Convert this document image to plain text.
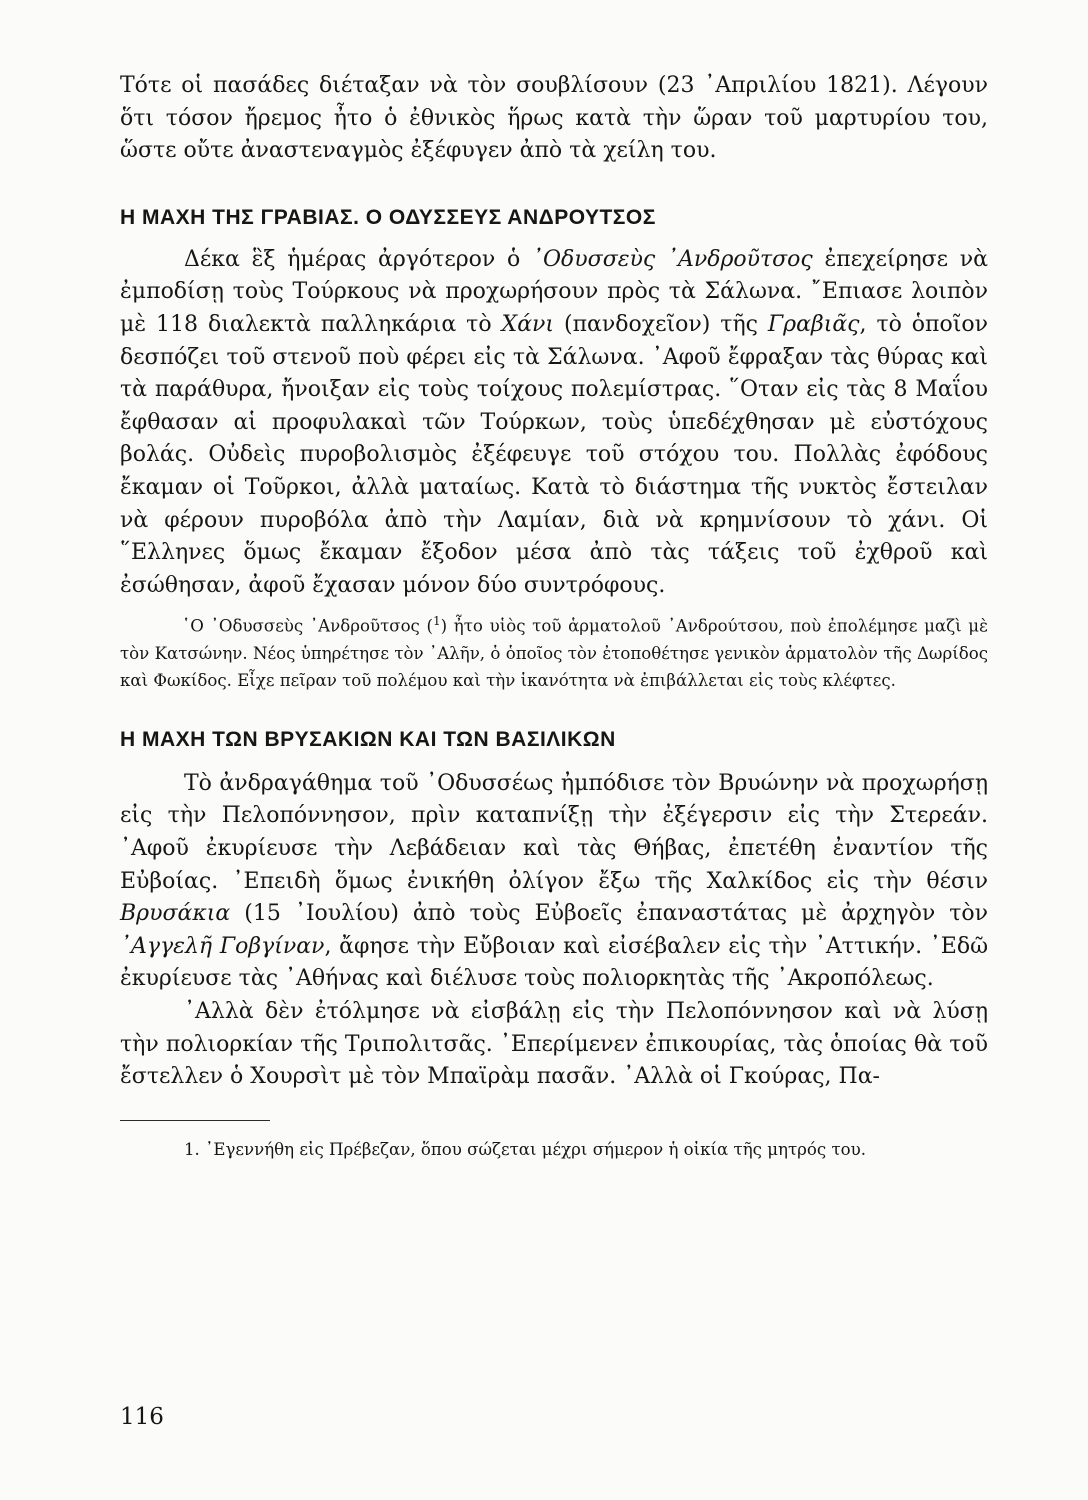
Τότε οἱ πασάδες διέταξαν νὰ τὸν σουβλίσουν (23 ᾿Απριλίου 1821). Λέγουν ὅτι τόσον ἤρεμος ἦτο ὁ ἐθνικὸς ἥρως κατὰ τὴν ὥραν τοῦ μαρτυρίου του, ὥστε οὔτε ἀναστεναγμὸς ἐξέφυγεν ἀπὸ τὰ χείλη του.

Η ΜΑΧΗ ΤΗΣ ΓΡΑΒΙΑΣ. Ο ΟΔΥΣΣΕΥΣ ΑΝΔΡΟΥΤΣΟΣ

Δέκα ἓξ ἡμέρας ἀργότερον ὁ ᾿Οδυσσεὺς ᾿Ανδροῦτσος ἐπεχείρησε νὰ ἐμποδίσῃ τοὺς Τούρκους νὰ προχωρήσουν πρὸς τὰ Σάλωνα. ῎Επιασε λοιπὸν μὲ 118 διαλεκτὰ παλληκάρια τὸ Χάνι (πανδοχεῖον) τῆς Γραβιᾶς, τὸ ὁποῖον δεσπόζει τοῦ στενοῦ ποὺ φέρει εἰς τὰ Σάλωνα. ᾿Αφοῦ ἔφραξαν τὰς θύρας καὶ τὰ παράθυρα, ἤνοιξαν εἰς τοὺς τοίχους πολεμίστρας. ῞Οταν εἰς τὰς 8 Μαΐου ἔφθασαν αἱ προφυλακαὶ τῶν Τούρκων, τοὺς ὑπεδέχθησαν μὲ εὐστόχους βολάς. Οὐδεὶς πυροβολισμὸς ἐξέφευγε τοῦ στόχου του. Πολλὰς ἐφόδους ἔκαμαν οἱ Τοῦρκοι, ἀλλὰ ματαίως. Κατὰ τὸ διάστημα τῆς νυκτὸς ἔστειλαν νὰ φέρουν πυροβόλα ἀπὸ τὴν Λαμίαν, διὰ νὰ κρημνίσουν τὸ χάνι. Οἱ ῞Ελληνες ὅμως ἔκαμαν ἔξοδον μέσα ἀπὸ τὰς τάξεις τοῦ ἐχθροῦ καὶ ἐσώθησαν, ἀφοῦ ἔχασαν μόνον δύο συντρόφους.

῾Ο ᾿Οδυσσεὺς ᾿Ανδροῦτσος ($^1$) ἦτο υἱὸς τοῦ ἁρματολοῦ ᾿Ανδρούτσου, ποὺ ἐπολέμησε μαζὶ μὲ τὸν Κατσώνην. Νέος ὑπηρέτησε τὸν ᾿Αλῆν, ὁ ὁποῖος τὸν ἐτοποθέτησε γενικὸν ἁρματολὸν τῆς Δωρίδος καὶ Φωκίδος. Εἶχε πεῖραν τοῦ πολέμου καὶ τὴν ἱκανότητα νὰ ἐπιβάλλεται εἰς τοὺς κλέφτες.

Η ΜΑΧΗ ΤΩΝ ΒΡΥΣΑΚΙΩΝ ΚΑΙ ΤΩΝ ΒΑΣΙΛΙΚΩΝ

Τὸ ἀνδραγάθημα τοῦ ᾿Οδυσσέως ἠμπόδισε τὸν Βρυώνην νὰ προχωρήσῃ εἰς τὴν Πελοπόννησον, πρὶν καταπνίξῃ τὴν ἐξέγερσιν εἰς τὴν Στερεάν. ᾿Αφοῦ ἐκυρίευσε τὴν Λεβάδειαν καὶ τὰς Θήβας, ἐπετέθη ἐναντίον τῆς Εὐβοίας. ᾿Επειδὴ ὅμως ἐνικήθη ὀλίγον ἔξω τῆς Χαλκίδος εἰς τὴν θέσιν Βρυσάκια (15 ᾿Ιουλίου) ἀπὸ τοὺς Εὐβοεῖς ἐπαναστάτας μὲ ἀρχηγὸν τὸν ᾿Αγγελῆ Γοβγίναν, ἄφησε τὴν Εὔβοιαν καὶ εἰσέβαλεν εἰς τὴν ᾿Αττικήν. ᾿Εδῶ ἐκυρίευσε τὰς ᾿Αθήνας καὶ διέλυσε τοὺς πολιορκητὰς τῆς ᾿Ακροπόλεως.

᾿Αλλὰ δὲν ἐτόλμησε νὰ εἰσβάλῃ εἰς τὴν Πελοπόννησον καὶ νὰ λύσῃ τὴν πολιορκίαν τῆς Τριπολιτσᾶς. ᾿Επερίμενεν ἐπικουρίας, τὰς ὁποίας θὰ τοῦ ἔστελλεν ὁ Χουρσὶτ μὲ τὸν Μπαϊρὰμ πασᾶν. ᾿Αλλὰ οἱ Γκούρας, Πα-

1. ᾿Εγεννήθη εἰς Πρέβεζαν, ὅπου σώζεται μέχρι σήμερον ἡ οἰκία τῆς μητρός του.

116
